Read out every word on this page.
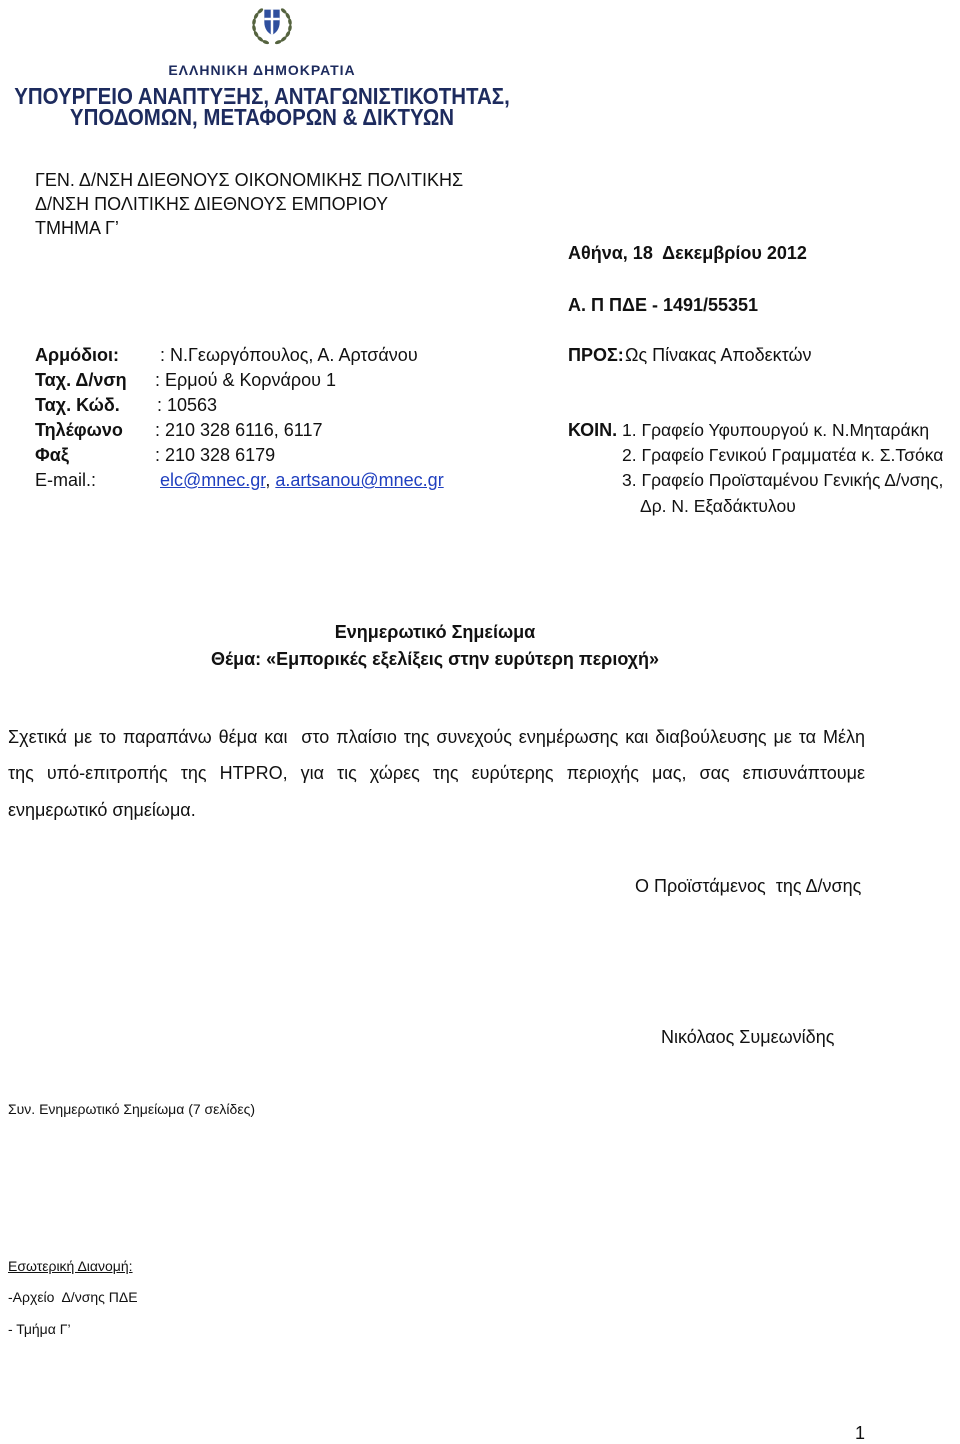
ΕΛΛΗΝΙΚΗ ΔΗΜΟΚΡΑΤΙΑ
ΥΠΟΥΡΓΕΙΟ ΑΝΑΠΤΥΞΗΣ, ΑΝΤΑΓΩΝΙΣΤΙΚΟΤΗΤΑΣ,
ΥΠΟΔΟΜΩΝ, ΜΕΤΑΦΟΡΩΝ & ΔΙΚΤΥΩΝ
ΓΕΝ. Δ/ΝΣΗ ΔΙΕΘΝΟΥΣ ΟΙΚΟΝΟΜΙΚΗΣ ΠΟΛΙΤΙΚΗΣ
Δ/ΝΣΗ ΠΟΛΙΤΙΚΗΣ ΔΙΕΘΝΟΥΣ ΕΜΠΟΡΙΟΥ
ΤΜΗΜΑ Γ’
Αθήνα, 18  Δεκεμβρίου 2012
Α. Π ΠΔΕ - 1491/55351
Αρμόδιοι: : Ν.Γεωργόπουλος, Α. Αρτσάνου
Ταχ. Δ/νση : Ερμού & Κορνάρου 1
Ταχ. Κώδ. : 10563
Τηλέφωνο : 210 328 6116, 6117
Φαξ	: 210 328 6179
E-mail.:	elc@mnec.gr, a.artsanou@mnec.gr
ΠΡΟΣ: Ως Πίνακας Αποδεκτών
ΚΟΙΝ. 1. Γραφείο Υφυπουργού κ. Ν.Μηταράκη
2. Γραφείο Γενικού Γραμματέα κ. Σ.Τσόκα
3. Γραφείο Προϊσταμένου Γενικής Δ/νσης,
Δρ. Ν. Εξαδάκτυλου
Ενημερωτικό Σημείωμα
Θέμα: «Εμπορικές εξελίξεις στην ευρύτερη περιοχή»
Σχετικά με το παραπάνω θέμα και  στο πλαίσιο της συνεχούς ενημέρωσης και διαβούλευσης με τα Μέλη
της υπό-επιτροπής της HTPRO, για τις χώρες της ευρύτερης περιοχής μας, σας επισυνάπτουμε
ενημερωτικό σημείωμα.
Ο Προϊστάμενος  της Δ/νσης
Νικόλαος Συμεωνίδης
Συν. Ενημερωτικό Σημείωμα (7 σελίδες)
Εσωτερική Διανομή:
-Αρχείο  Δ/νσης ΠΔΕ
- Τμήμα Γ’
1
